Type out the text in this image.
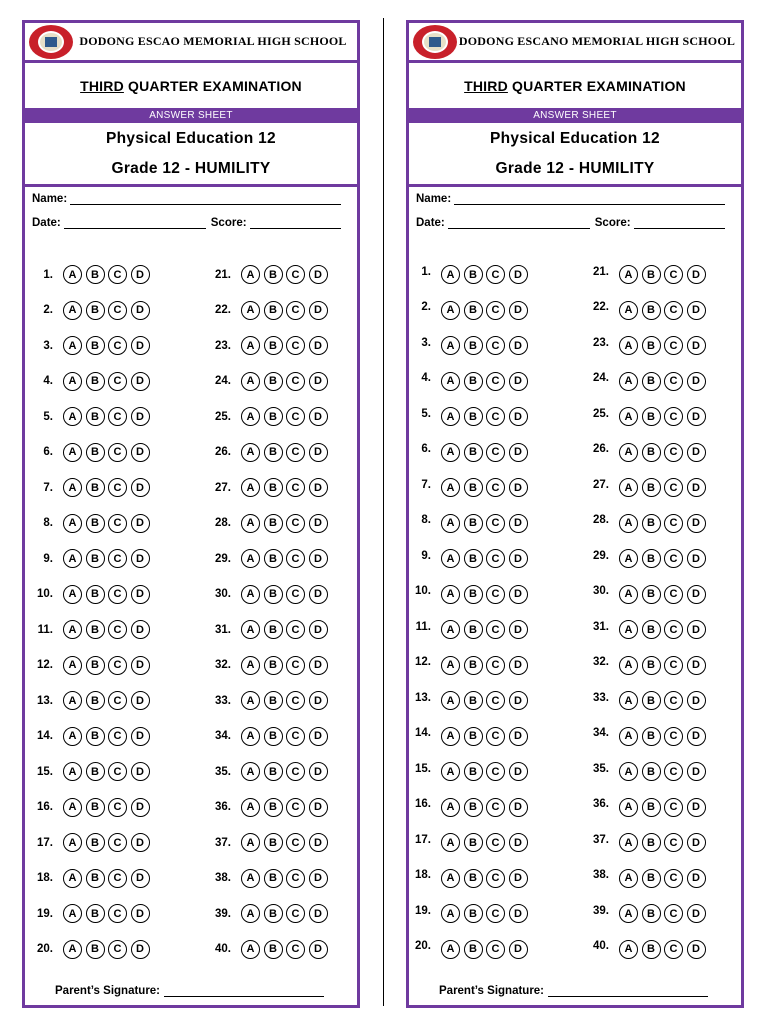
DODONG ESCAO MEMORIAL HIGH SCHOOL
THIRD QUARTER EXAMINATION
ANSWER SHEET
Physical Education 12
Grade 12 - HUMILITY
Name:
Date:	Score:
1.	A	B	C	D
2.	A	B	C	D
3.	A	B	C	D
4.	A	B	C	D
5.	A	B	C	D
6.	A	B	C	D
7.	A	B	C	D
8.	A	B	C	D
9.	A	B	C	D
10.	A	B	C	D
11.	A	B	C	D
12.	A	B	C	D
13.	A	B	C	D
14.	A	B	C	D
15.	A	B	C	D
16.	A	B	C	D
17.	A	B	C	D
18.	A	B	C	D
19.	A	B	C	D
20.	A	B	C	D
21.	A	B	C	D
22.	A	B	C	D
23.	A	B	C	D
24.	A	B	C	D
25.	A	B	C	D
26.	A	B	C	D
27.	A	B	C	D
28.	A	B	C	D
29.	A	B	C	D
30.	A	B	C	D
31.	A	B	C	D
32.	A	B	C	D
33.	A	B	C	D
34.	A	B	C	D
35.	A	B	C	D
36.	A	B	C	D
37.	A	B	C	D
38.	A	B	C	D
39.	A	B	C	D
40.	A	B	C	D
Parent’s Signature:
DODONG ESCANO MEMORIAL HIGH SCHOOL
THIRD QUARTER EXAMINATION
ANSWER SHEET
Physical Education 12
Grade 12 - HUMILITY
Name:
Date:	Score:
1.	A	B	C	D
2.	A	B	C	D
3.	A	B	C	D
4.	A	B	C	D
5.	A	B	C	D
6.	A	B	C	D
7.	A	B	C	D
8.	A	B	C	D
9.	A	B	C	D
10.	A	B	C	D
11.	A	B	C	D
12.	A	B	C	D
13.	A	B	C	D
14.	A	B	C	D
15.	A	B	C	D
16.	A	B	C	D
17.	A	B	C	D
18.	A	B	C	D
19.	A	B	C	D
20.	A	B	C	D
21.	A	B	C	D
22.	A	B	C	D
23.	A	B	C	D
24.	A	B	C	D
25.	A	B	C	D
26.	A	B	C	D
27.	A	B	C	D
28.	A	B	C	D
29.	A	B	C	D
30.	A	B	C	D
31.	A	B	C	D
32.	A	B	C	D
33.	A	B	C	D
34.	A	B	C	D
35.	A	B	C	D
36.	A	B	C	D
37.	A	B	C	D
38.	A	B	C	D
39.	A	B	C	D
40.	A	B	C	D
Parent’s Signature:
